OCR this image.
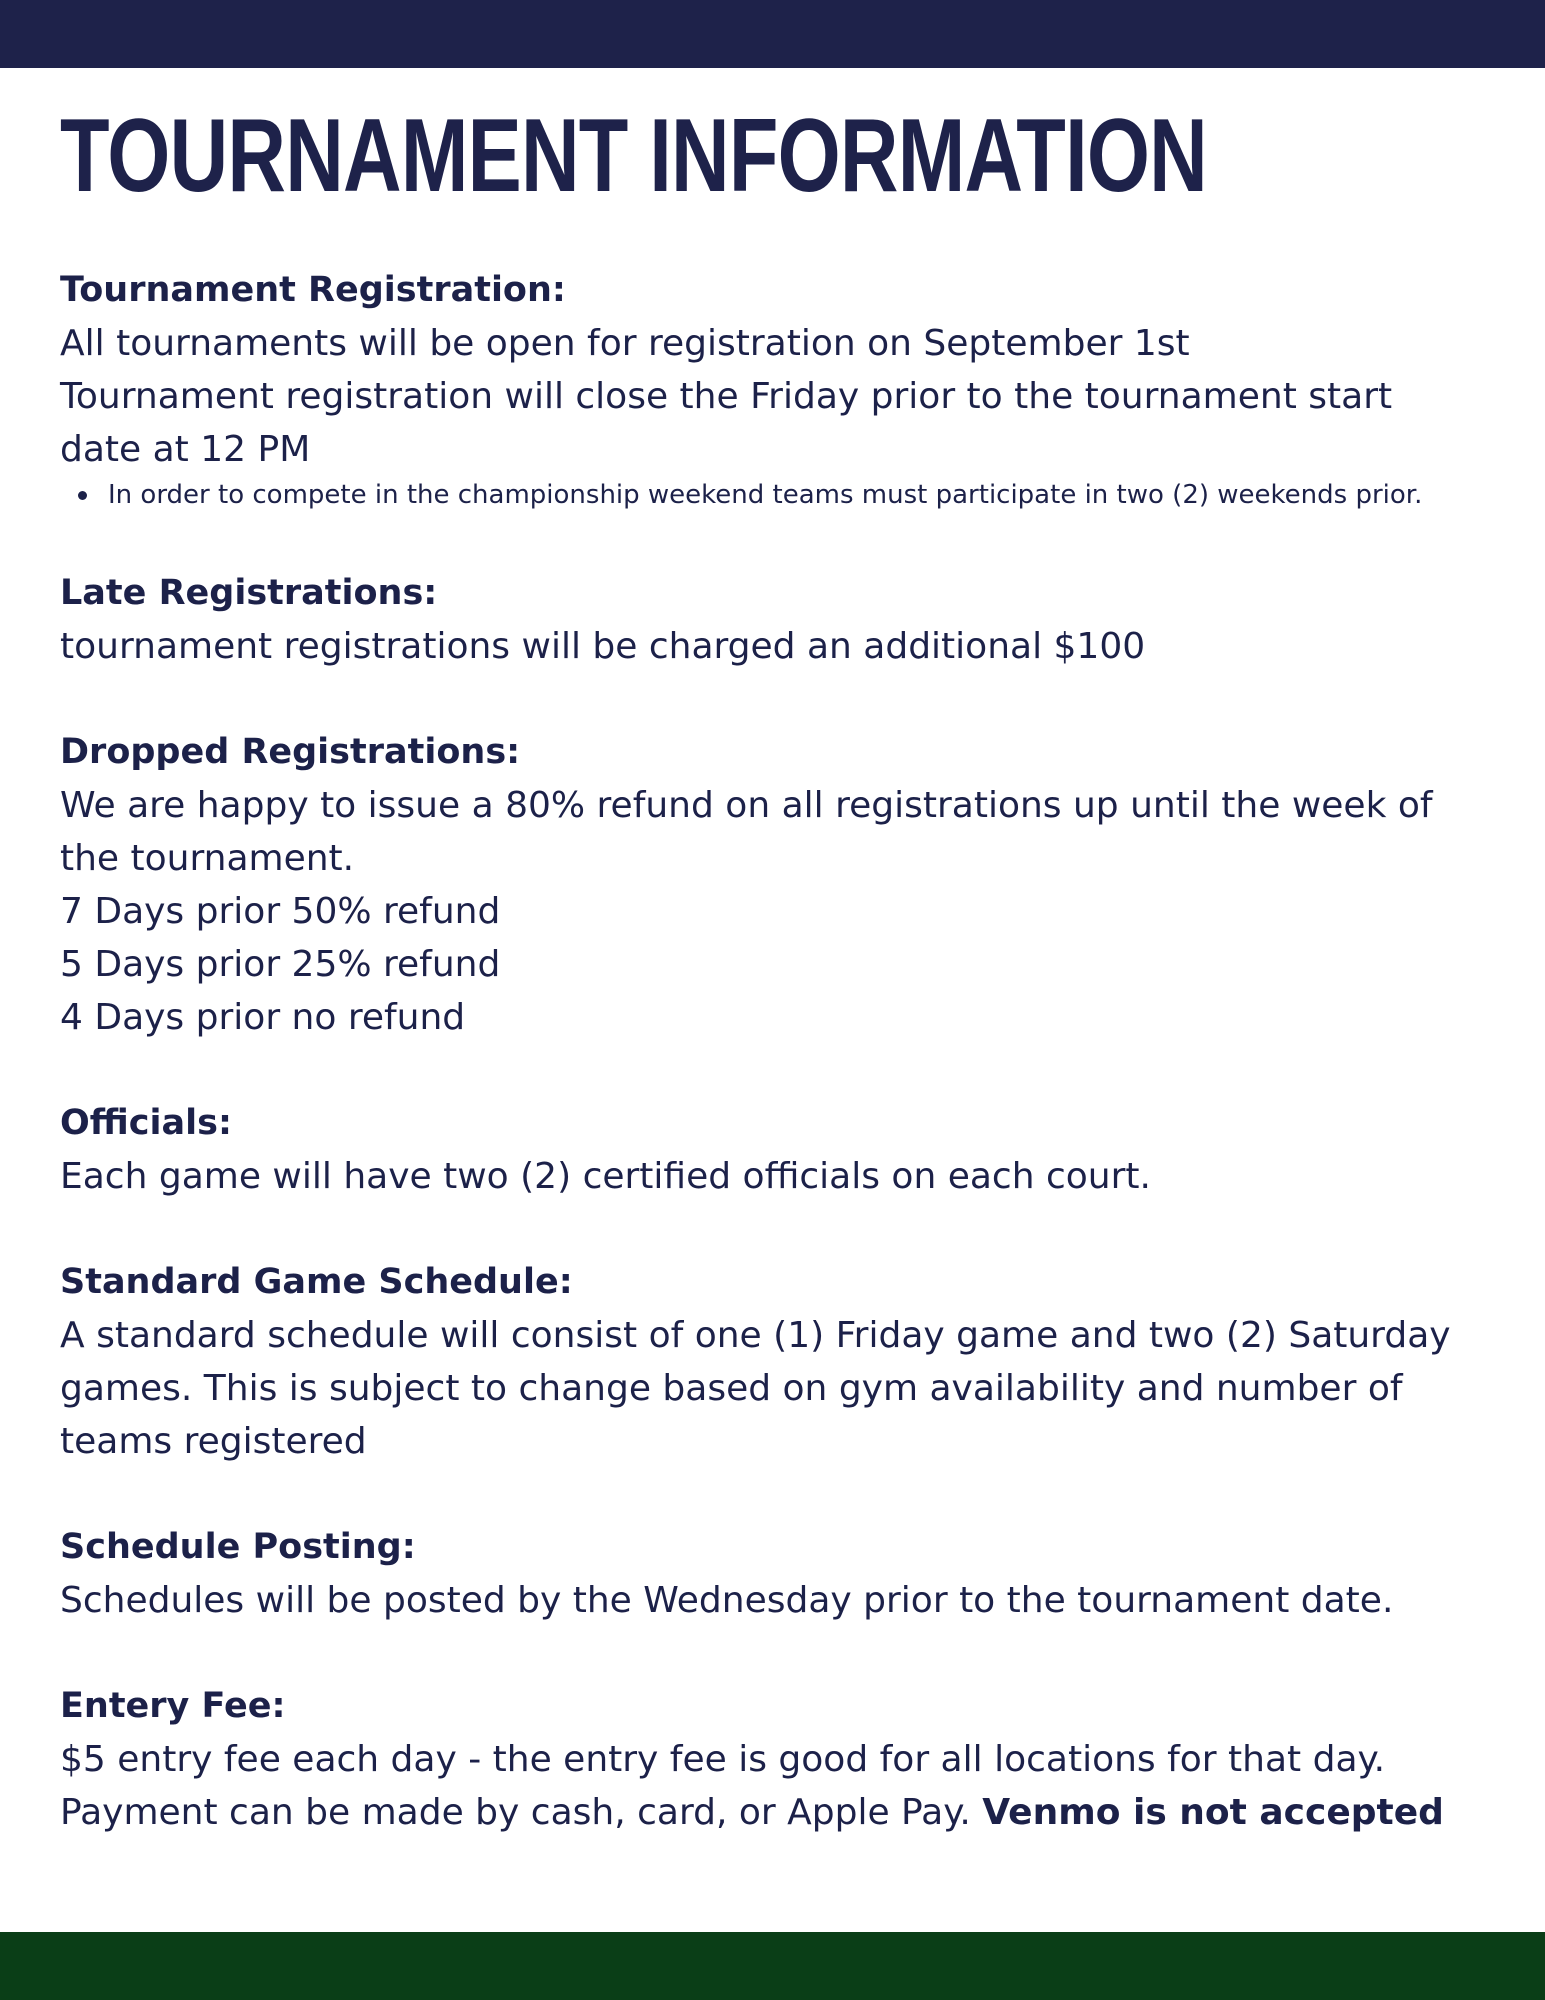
TOURNAMENT INFORMATION
Tournament Registration:
All tournaments will be open for registration on September 1st
Tournament registration will close the Friday prior to the tournament start
date at 12 PM
In order to compete in the championship weekend teams must participate in two (2) weekends prior.
Late Registrations:
tournament registrations will be charged an additional $100
Dropped Registrations:
We are happy to issue a 80% refund on all registrations up until the week of
the tournament.
7 Days prior 50% refund
5 Days prior 25% refund
4 Days prior no refund
Officials:
Each game will have two (2) certified officials on each court.
Standard Game Schedule:
A standard schedule will consist of one (1) Friday game and two (2) Saturday
games. This is subject to change based on gym availability and number of
teams registered
Schedule Posting:
Schedules will be posted by the Wednesday prior to the tournament date.
Entery Fee:
$5 entry fee each day - the entry fee is good for all locations for that day.
Payment can be made by cash, card, or Apple Pay. Venmo is not accepted
